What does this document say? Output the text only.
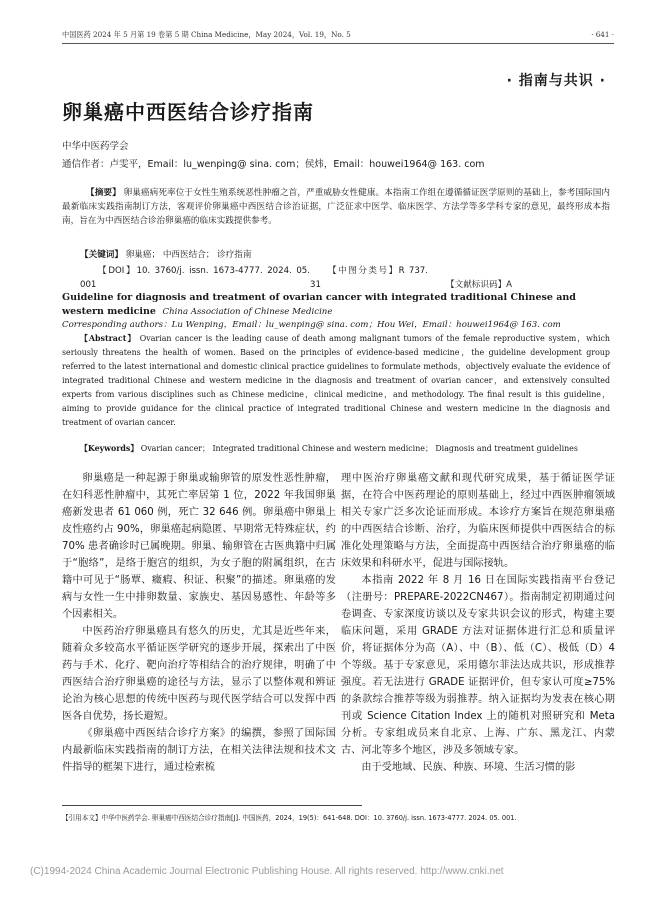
中国医药 2024 年 5 月第 19 卷第 5 期 China Medicine，May 2024，Vol. 19，No. 5	· 641 ·
· 指南与共识 ·
卵巢癌中西医结合诊疗指南
中华中医药学会
通信作者：卢雯平，Email：lu_wenping@ sina. com；侯炜，Email：houwei1964@ 163. com
【摘要】 卵巢癌病死率位于女性生殖系统恶性肿瘤之首，严重威胁女性健康。本指南工作组在遵循循证医学原则的基础上，参考国际国内最新临床实践指南制订方法，客观评价卵巢癌中西医结合诊治证据，广泛征求中医学、临床医学、方法学等多学科专家的意见，最终形成本指南，旨在为中西医结合诊治卵巢癌的临床实践提供参考。
【关键词】 卵巢癌； 中西医结合； 诊疗指南
【DOI】10. 3760/j. issn. 1673-4777. 2024. 05. 001【中图分类号】R 737. 31	【文献标识码】A
Guideline for diagnosis and treatment of ovarian cancer with integrated traditional Chinese and western medicine China Association of Chinese Medicine
Corresponding authors：Lu Wenping，Email：lu_wenping@ sina. com；Hou Wei，Email：houwei1964@ 163. com
【Abstract】 Ovarian cancer is the leading cause of death among malignant tumors of the female reproductive system，which seriously threatens the health of women. Based on the principles of evidence-based medicine，the guideline development group referred to the latest international and domestic clinical practice guidelines to formulate methods，objectively evaluate the evidence of integrated traditional Chinese and western medicine in the diagnosis and treatment of ovarian cancer，and extensively consulted experts from various disciplines such as Chinese medicine，clinical medicine，and methodology. The final result is this guideline，aiming to provide guidance for the clinical practice of integrated traditional Chinese and western medicine in the diagnosis and treatment of ovarian cancer.
【Keywords】 Ovarian cancer； Integrated traditional Chinese and western medicine； Diagnosis and treatment guidelines

卵巢癌是一种起源于卵巢或输卵管的原发性恶性肿瘤，在妇科恶性肿瘤中，其死亡率居第 1 位，2022 年我国卵巢癌新发患者 61 060 例，死亡 32 646 例。卵巢癌中卵巢上皮性癌约占 90%，卵巢癌起病隐匿、早期常无特殊症状，约 70% 患者确诊时已属晚期。卵巢、输卵管在古医典籍中归属于“胞络”，是络于胞宫的组织，为女子胞的附属组织，在古籍中可见于“肠覃、癥瘕、积证、积聚”的描述。卵巢癌的发病与女性一生中排卵数量、家族史、基因易感性、年龄等多个因素相关。

中医药治疗卵巢癌具有悠久的历史，尤其是近些年来，随着众多较高水平循证医学研究的逐步开展，探索出了中医药与手术、化疗、靶向治疗等相结合的治疗规律，明确了中西医结合治疗卵巢癌的途径与方法，显示了以整体观和辨证论治为核心思想的传统中医药与现代医学结合可以发挥中西医各自优势，扬长避短。

《卵巢癌中西医结合诊疗方案》的编撰，参照了国际国内最新临床实践指南的制订方法，在相关法律法规和技术文件指导的框架下进行，通过检索梳

理中医治疗卵巢癌文献和现代研究成果，基于循证医学证据，在符合中医药理论的原则基础上，经过中西医肿瘤领域相关专家广泛多次论证而形成。本诊疗方案旨在规范卵巢癌的中西医结合诊断、治疗，为临床医师提供中西医结合的标准化处理策略与方法，全面提高中西医结合治疗卵巢癌的临床效果和科研水平，促进与国际接轨。

本指南 2022 年 8 月 16 日在国际实践指南平台登记（注册号：PREPARE-2022CN467）。指南制定初期通过问卷调查、专家深度访谈以及专家共识会议的形式，构建主要临床问题，采用 GRADE 方法对证据体进行汇总和质量评价，将证据体分为高（A）、中（B）、低（C）、极低（D）4 个等级。基于专家意见，采用德尔菲法达成共识，形成推荐强度。若无法进行 GRADE 证据评价，但专家认可度≥75% 的条款综合推荐等级为弱推荐。纳入证据均为发表在核心期刊或 Science Citation Index 上的随机对照研究和 Meta 分析。专家组成员来自北京、上海、广东、黑龙江、内蒙古、河北等多个地区，涉及多领域专家。

由于受地域、民族、种族、环境、生活习惯的影

【引用本文】中华中医药学会. 卵巢癌中西医结合诊疗指南[J]. 中国医药，2024，19(5)：641-648. DOI：10. 3760/j. issn. 1673-4777. 2024. 05. 001.
(C)1994-2024 China Academic Journal Electronic Publishing House. All rights reserved. http://www.cnki.net
